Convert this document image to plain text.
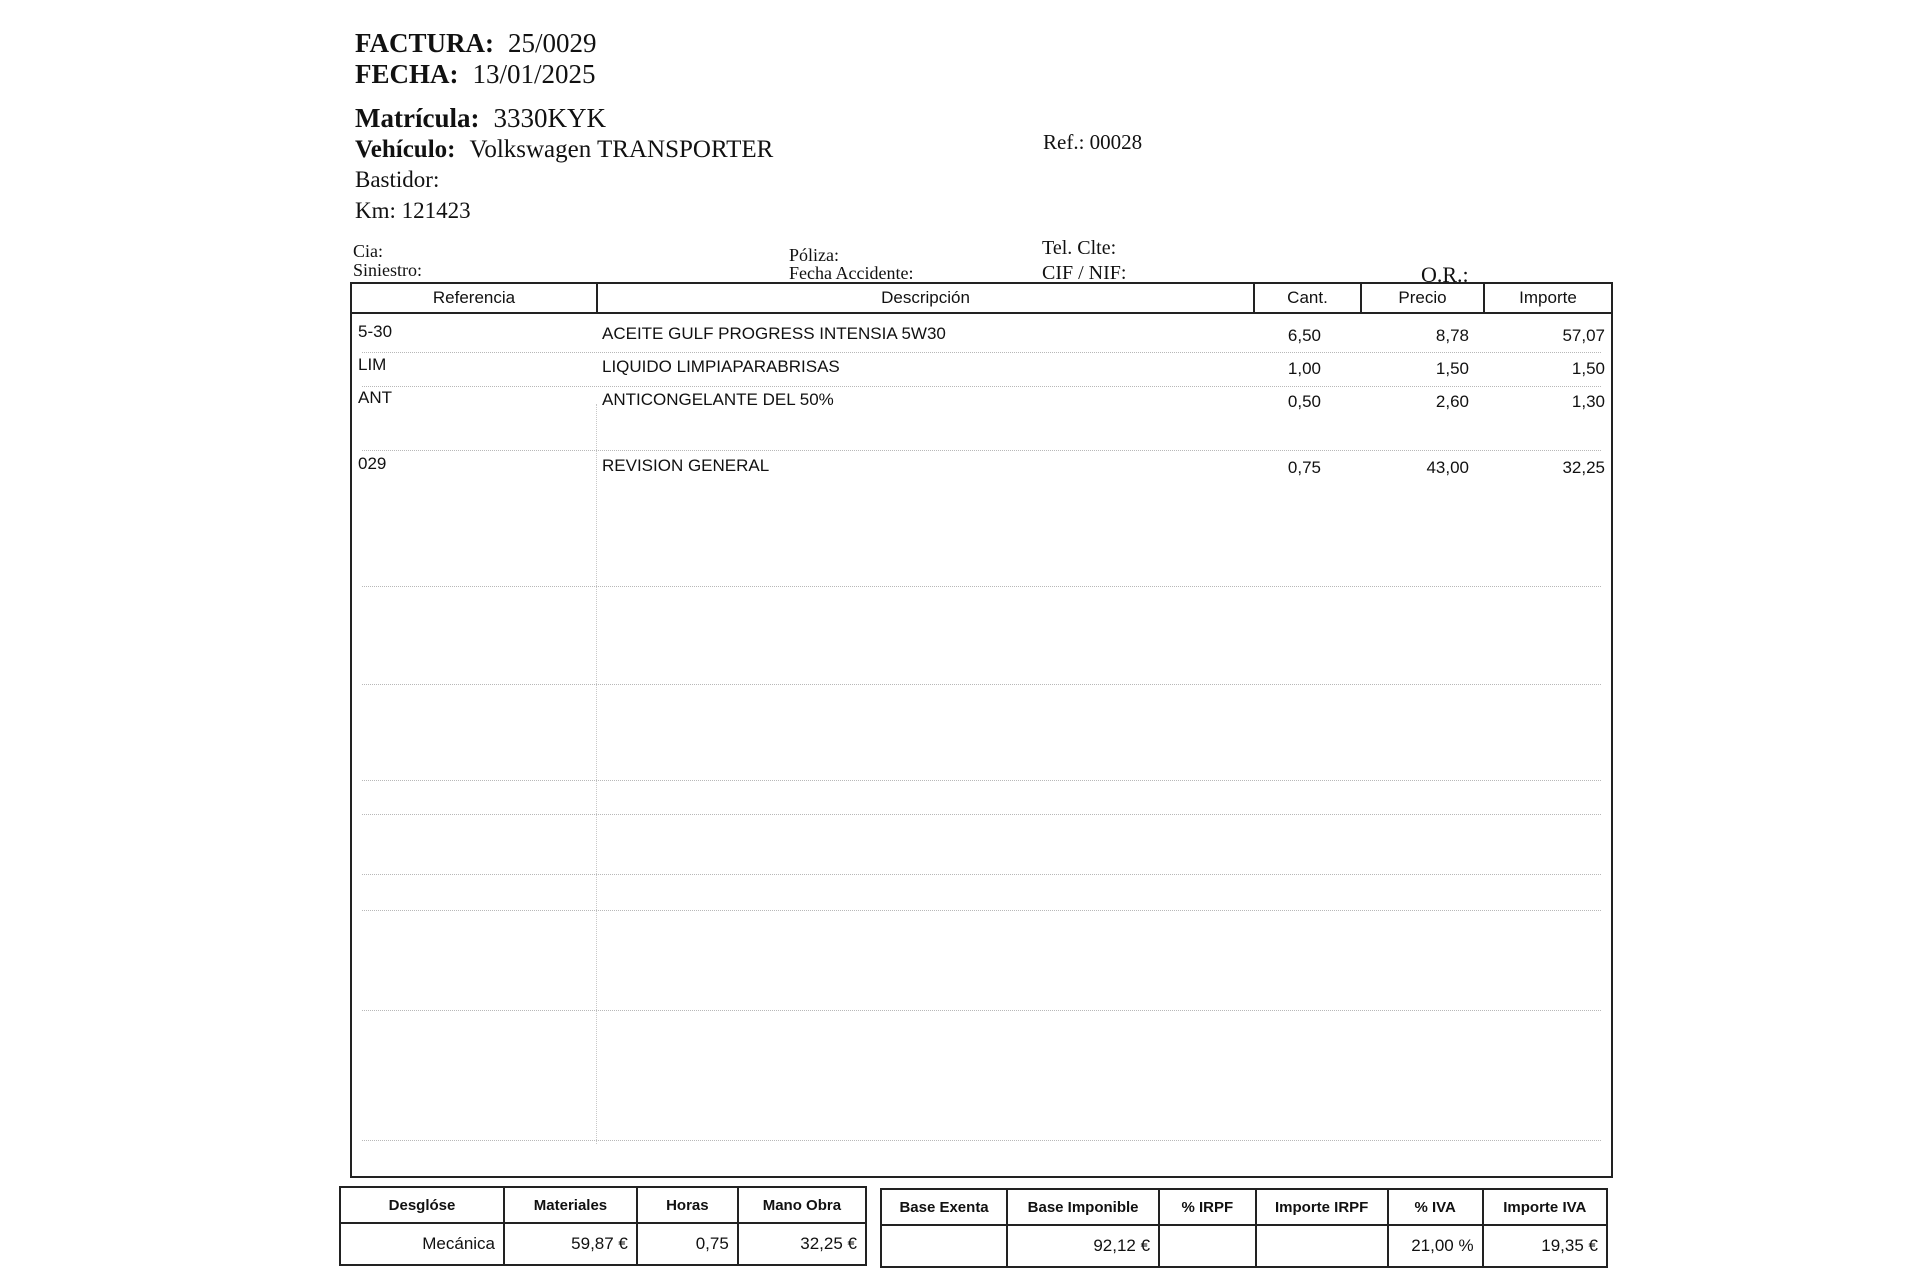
FACTURA: 25/0029
FECHA: 13/01/2025
Matrícula: 3330KYK
Vehículo: Volkswagen TRANSPORTER
Bastidor:
Km: 121423
Ref.: 00028
Cia:
Siniestro:
Póliza:
Fecha Accidente:
Tel. Clte:
CIF / NIF:	O.R.:
Referencia	Descripción	Cant.	Precio	Importe
5-30	ACEITE GULF PROGRESS INTENSIA 5W30	6,50	8,78	57,07
LIM	LIQUIDO LIMPIAPARABRISAS	1,00	1,50	1,50
ANT	ANTICONGELANTE DEL 50%	0,50	2,60	1,30
029	REVISION GENERAL	0,75	43,00	32,25
Desglóse	Materiales	Horas	Mano Obra
Mecánica	59,87 €	0,75	32,25 €
Base Exenta	Base Imponible	% IRPF	Importe IRPF	% IVA	Importe IVA
	92,12 €			21,00 %	19,35 €
